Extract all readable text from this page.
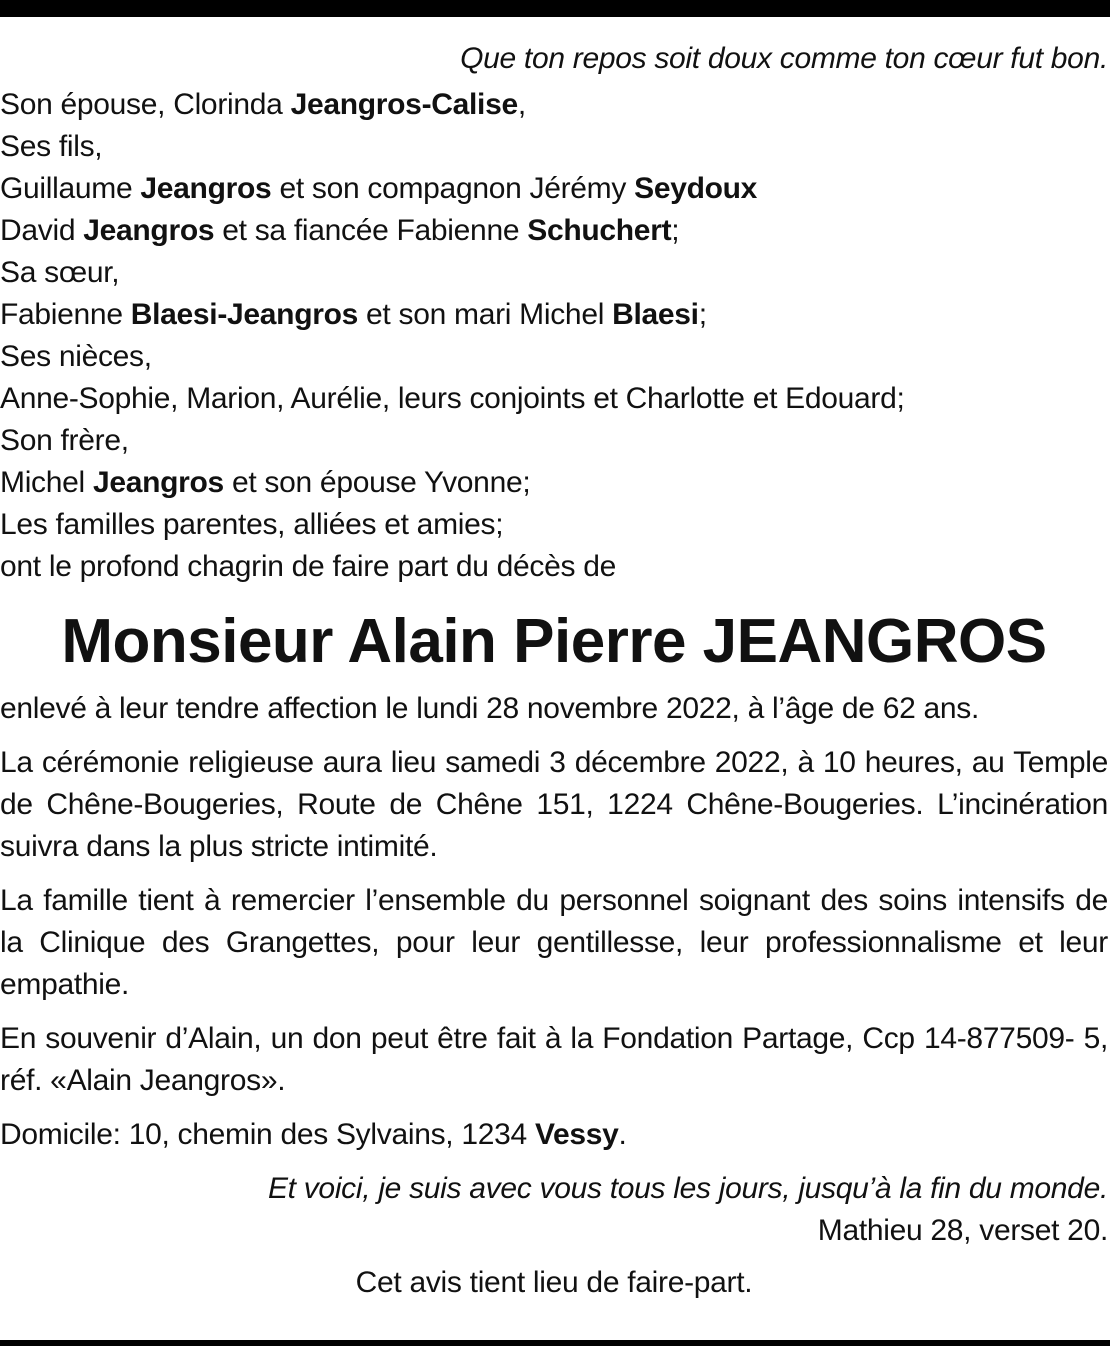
Que ton repos soit doux comme ton cœur fut bon.
Son épouse, Clorinda Jeangros-Calise,
Ses fils,
Guillaume Jeangros et son compagnon Jérémy Seydoux
David Jeangros et sa fiancée Fabienne Schuchert;
Sa sœur,
Fabienne Blaesi-Jeangros et son mari Michel Blaesi;
Ses nièces,
Anne-Sophie, Marion, Aurélie, leurs conjoints et Charlotte et Edouard;
Son frère,
Michel Jeangros et son épouse Yvonne;
Les familles parentes, alliées et amies;
ont le profond chagrin de faire part du décès de
Monsieur Alain Pierre JEANGROS
enlevé à leur tendre affection le lundi 28 novembre 2022, à l’âge de 62 ans.
La cérémonie religieuse aura lieu samedi 3 décembre 2022, à 10 heures, au Temple de Chêne-Bougeries, Route de Chêne 151, 1224 Chêne-Bougeries. L’incinération suivra dans la plus stricte intimité.
La famille tient à remercier l’ensemble du personnel soignant des soins intensifs de la Clinique des Grangettes, pour leur gentillesse, leur professionnalisme et leur empathie.
En souvenir d’Alain, un don peut être fait à la Fondation Partage, Ccp 14-877509- 5, réf. «Alain Jeangros».
Domicile: 10, chemin des Sylvains, 1234 Vessy.
Et voici, je suis avec vous tous les jours, jusqu’à la fin du monde.
Mathieu 28, verset 20.
Cet avis tient lieu de faire-part.
